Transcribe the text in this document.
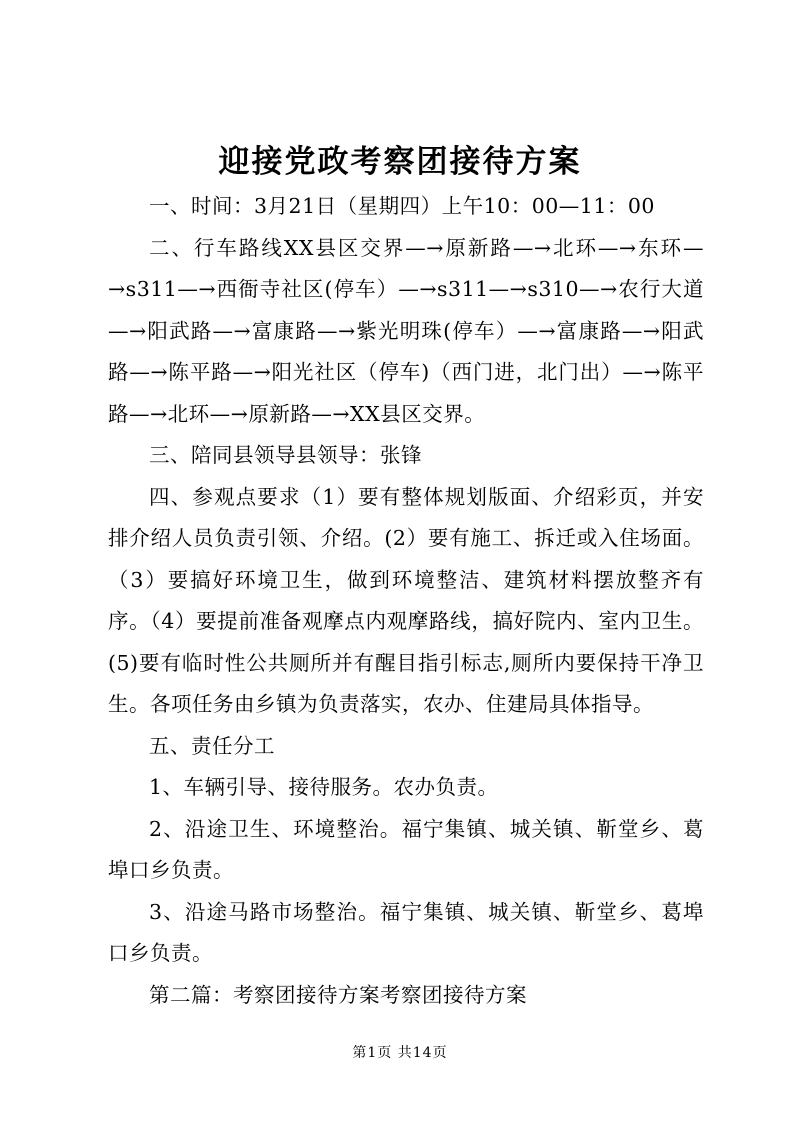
迎接党政考察团接待方案

一、时间：3月21日（星期四）上午10：00—11：00

二、行车路线XX县区交界—→原新路—→北环—→东环—→s311—→西衙寺社区(停车）—→s311—→s310—→农行大道—→阳武路—→富康路—→紫光明珠(停车）—→富康路—→阳武路—→陈平路—→阳光社区（停车)（西门进，北门出）—→陈平路—→北环—→原新路—→XX县区交界。

三、陪同县领导县领导：张锋

四、参观点要求（1）要有整体规划版面、介绍彩页，并安排介绍人员负责引领、介绍。(2）要有施工、拆迁或入住场面。（3）要搞好环境卫生，做到环境整洁、建筑材料摆放整齐有序。（4）要提前准备观摩点内观摩路线，搞好院内、室内卫生。(5)要有临时性公共厕所并有醒目指引标志,厕所内要保持干净卫生。各项任务由乡镇为负责落实，农办、住建局具体指导。

五、责任分工

1、车辆引导、接待服务。农办负责。

2、沿途卫生、环境整治。福宁集镇、城关镇、靳堂乡、葛埠口乡负责。

3、沿途马路市场整治。福宁集镇、城关镇、靳堂乡、葛埠口乡负责。

第二篇：考察团接待方案考察团接待方案

第1页 共14页
